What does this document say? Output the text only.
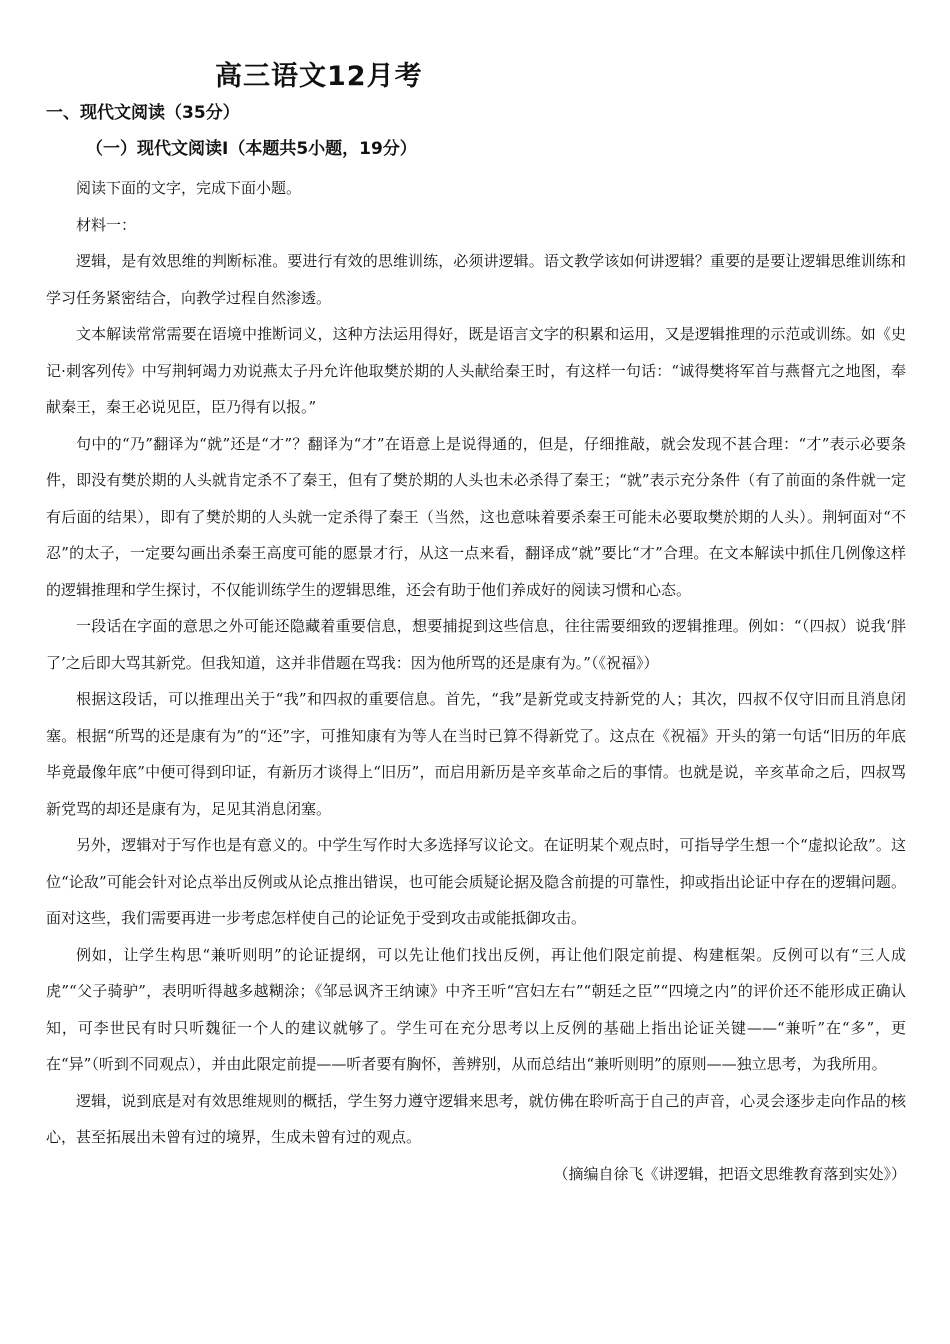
高三语文12月考
一、现代文阅读（35分）
（一）现代文阅读Ⅰ（本题共5小题，19分）

阅读下面的文字，完成下面小题。

材料一：

逻辑，是有效思维的判断标准。要进行有效的思维训练，必须讲逻辑。语文教学该如何讲逻辑？重要的是要让逻辑思维训练和学习任务紧密结合，向教学过程自然渗透。

文本解读常常需要在语境中推断词义，这种方法运用得好，既是语言文字的积累和运用，又是逻辑推理的示范或训练。如《史记·刺客列传》中写荆轲竭力劝说燕太子丹允许他取樊於期的人头献给秦王时，有这样一句话：“诚得樊将军首与燕督亢之地图，奉献秦王，秦王必说见臣，臣乃得有以报。”

句中的“乃”翻译为“就”还是“才”？翻译为“才”在语意上是说得通的，但是，仔细推敲，就会发现不甚合理：“才”表示必要条件，即没有樊於期的人头就肯定杀不了秦王，但有了樊於期的人头也未必杀得了秦王；“就”表示充分条件（有了前面的条件就一定有后面的结果），即有了樊於期的人头就一定杀得了秦王（当然，这也意味着要杀秦王可能未必要取樊於期的人头）。荆轲面对“不忍”的太子，一定要勾画出杀秦王高度可能的愿景才行，从这一点来看，翻译成“就”要比“才”合理。在文本解读中抓住几例像这样的逻辑推理和学生探讨，不仅能训练学生的逻辑思维，还会有助于他们养成好的阅读习惯和心态。

一段话在字面的意思之外可能还隐藏着重要信息，想要捕捉到这些信息，往往需要细致的逻辑推理。例如：“（四叔）说我‘胖了’之后即大骂其新党。但我知道，这并非借题在骂我：因为他所骂的还是康有为。”（《祝福》）

根据这段话，可以推理出关于“我”和四叔的重要信息。首先，“我”是新党或支持新党的人；其次，四叔不仅守旧而且消息闭塞。根据“所骂的还是康有为”的“还”字，可推知康有为等人在当时已算不得新党了。这点在《祝福》开头的第一句话“旧历的年底毕竟最像年底”中便可得到印证，有新历才谈得上“旧历”，而启用新历是辛亥革命之后的事情。也就是说，辛亥革命之后，四叔骂新党骂的却还是康有为，足见其消息闭塞。

另外，逻辑对于写作也是有意义的。中学生写作时大多选择写议论文。在证明某个观点时，可指导学生想一个“虚拟论敌”。这位“论敌”可能会针对论点举出反例或从论点推出错误，也可能会质疑论据及隐含前提的可靠性，抑或指出论证中存在的逻辑问题。面对这些，我们需要再进一步考虑怎样使自己的论证免于受到攻击或能抵御攻击。

例如，让学生构思“兼听则明”的论证提纲，可以先让他们找出反例，再让他们限定前提、构建框架。反例可以有“三人成虎”“父子骑驴”，表明听得越多越糊涂；《邹忌讽齐王纳谏》中齐王听“宫妇左右”“朝廷之臣”“四境之内”的评价还不能形成正确认知，可李世民有时只听魏征一个人的建议就够了。学生可在充分思考以上反例的基础上指出论证关键——“兼听”在“多”，更在“异”（听到不同观点），并由此限定前提——听者要有胸怀，善辨别，从而总结出“兼听则明”的原则——独立思考，为我所用。

逻辑，说到底是对有效思维规则的概括，学生努力遵守逻辑来思考，就仿佛在聆听高于自己的声音，心灵会逐步走向作品的核心，甚至拓展出未曾有过的境界，生成未曾有过的观点。

（摘编自徐飞《讲逻辑，把语文思维教育落到实处》）
